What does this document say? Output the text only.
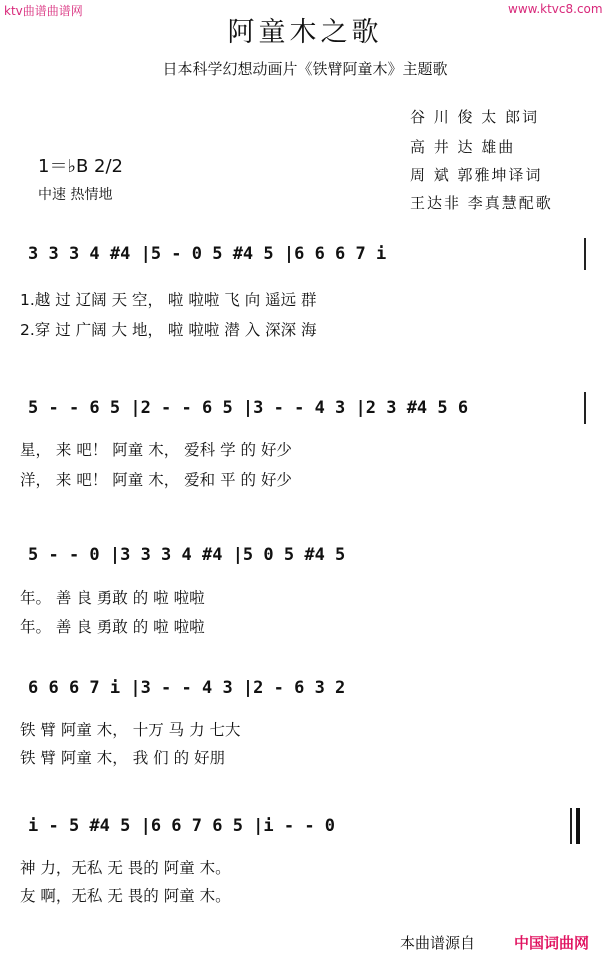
ktv曲谱曲谱网	www.ktvc8.com
阿童木之歌
日本科学幻想动画片《铁臂阿童木》主题歌
谷 川 俊 太 郎词
高 井 达 雄曲
周 斌 郭雅坤译词
王达非 李真慧配歌
1＝♭B 2/2
中速 热情地
3 3 3 4 #4 |5 - 0 5 #4 5 |6 6 6 7 i
1.越 过 辽阔 天 空， 啦 啦啦 飞 向 遥远 群
2.穿 过 广阔 大 地， 啦 啦啦 潜 入 深深 海
5 - - 6 5 |2 - - 6 5 |3 - - 4 3 |2 3 #4 5 6
星， 来 吧！ 阿童 木， 爱科 学 的 好少
洋， 来 吧！ 阿童 木， 爱和 平 的 好少
5 - - 0 |3 3 3 4 #4 |5 0 5 #4 5
年。 善 良 勇敢 的 啦 啦啦
年。 善 良 勇敢 的 啦 啦啦
6 6 6 7 i |3 - - 4 3 |2 - 6 3 2
铁 臂 阿童 木， 十万 马 力 七大
铁 臂 阿童 木， 我 们 的 好朋
i - 5 #4 5 |6 6 7 6 5 |i - - 0
神 力，无私 无 畏的 阿童 木。
友 啊，无私 无 畏的 阿童 木。
本曲谱源自	中国词曲网
